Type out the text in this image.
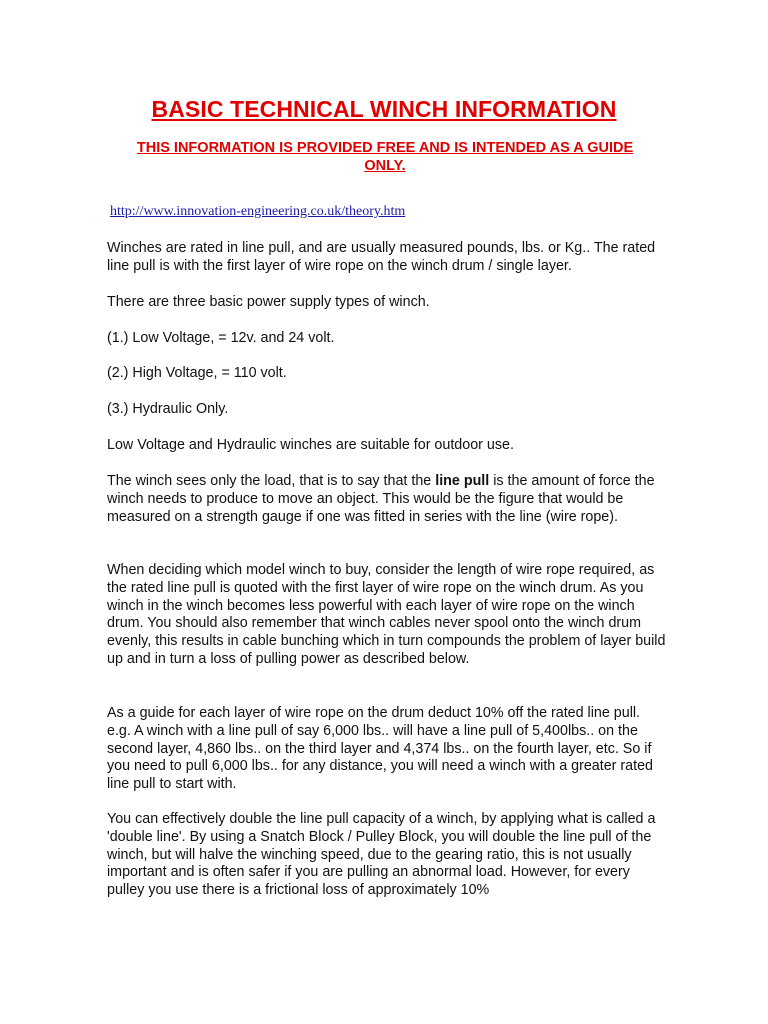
BASIC TECHNICAL WINCH INFORMATION
THIS INFORMATION IS PROVIDED FREE AND IS INTENDED AS A GUIDE ONLY.
http://www.innovation-engineering.co.uk/theory.htm

Winches are rated in line pull, and are usually measured pounds, lbs. or Kg.. The rated line pull is with the first layer of wire rope on the winch drum / single layer.

There are three basic power supply types of winch.

(1.) Low Voltage, = 12v. and 24 volt.

(2.) High Voltage, = 110 volt.

(3.) Hydraulic Only.

Low Voltage and Hydraulic winches are suitable for outdoor use.

The winch sees only the load, that is to say that the line pull is the amount of force the winch needs to produce to move an object. This would be the figure that would be measured on a strength gauge if one was fitted in series with the line (wire rope).

When deciding which model winch to buy, consider the length of wire rope required, as the rated line pull is quoted with the first layer of wire rope on the winch drum. As you winch in the winch becomes less powerful with each layer of wire rope on the winch drum. You should also remember that winch cables never spool onto the winch drum evenly, this results in cable bunching which in turn compounds the problem of layer build up and in turn a loss of pulling power as described below.

As a guide for each layer of wire rope on the drum deduct 10% off the rated line pull. e.g. A winch with a line pull of say 6,000 lbs.. will have a line pull of 5,400lbs.. on the second layer, 4,860 lbs.. on the third layer and 4,374 lbs.. on the fourth layer, etc. So if you need to pull 6,000 lbs.. for any distance, you will need a winch with a greater rated line pull to start with.

You can effectively double the line pull capacity of a winch, by applying what is called a 'double line'. By using a Snatch Block / Pulley Block, you will double the line pull of the winch, but will halve the winching speed, due to the gearing ratio, this is not usually important and is often safer if you are pulling an abnormal load. However, for every pulley you use there is a frictional loss of approximately 10%
